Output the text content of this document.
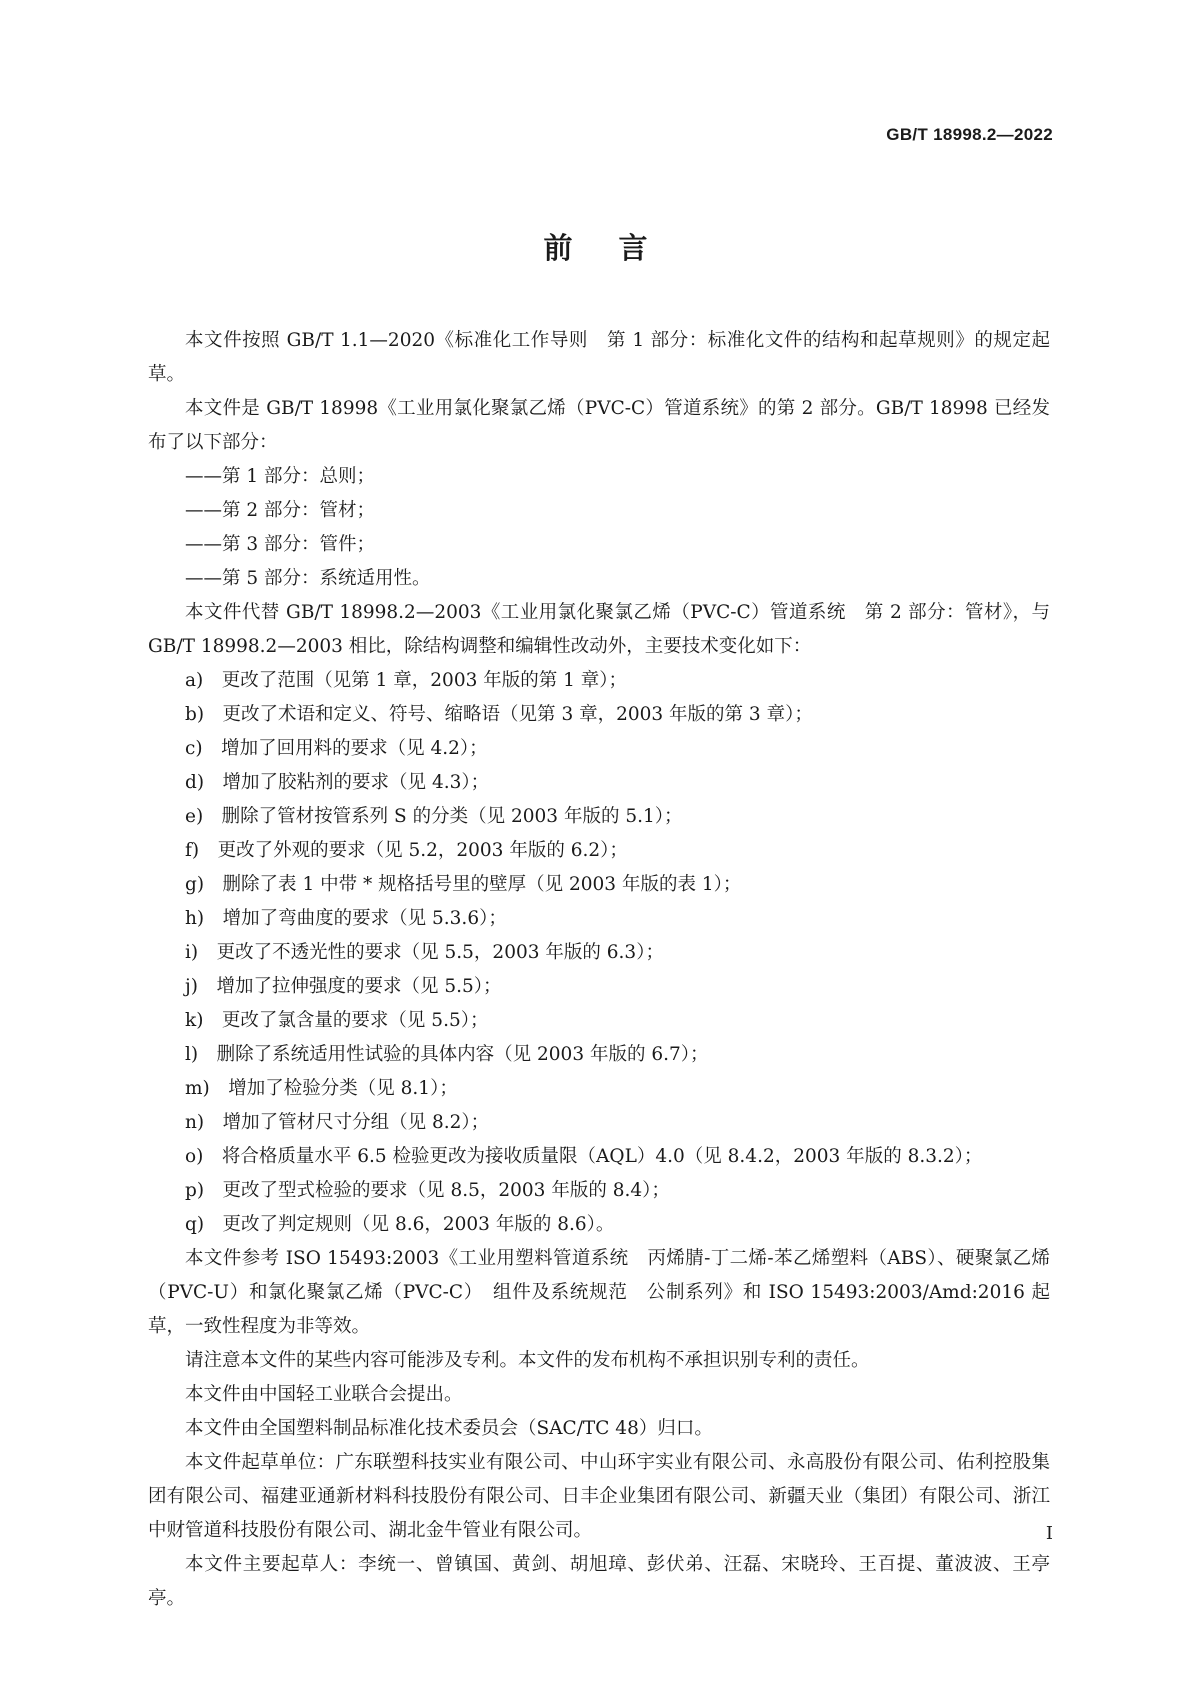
GB/T 18998.2—2022
前言

本文件按照 GB/T 1.1—2020《标准化工作导则　第 1 部分：标准化文件的结构和起草规则》的规定起草。

本文件是 GB/T 18998《工业用氯化聚氯乙烯（PVC-C）管道系统》的第 2 部分。GB/T 18998 已经发布了以下部分：

——第 1 部分：总则；

——第 2 部分：管材；

——第 3 部分：管件；

——第 5 部分：系统适用性。

本文件代替 GB/T 18998.2—2003《工业用氯化聚氯乙烯（PVC-C）管道系统　第 2 部分：管材》，与 GB/T 18998.2—2003 相比，除结构调整和编辑性改动外，主要技术变化如下：

a)　更改了范围（见第 1 章，2003 年版的第 1 章）；

b)　更改了术语和定义、符号、缩略语（见第 3 章，2003 年版的第 3 章）；

c)　增加了回用料的要求（见 4.2）；

d)　增加了胶粘剂的要求（见 4.3）；

e)　删除了管材按管系列 S 的分类（见 2003 年版的 5.1）；

f)　更改了外观的要求（见 5.2，2003 年版的 6.2）；

g)　删除了表 1 中带 * 规格括号里的壁厚（见 2003 年版的表 1）；

h)　增加了弯曲度的要求（见 5.3.6）；

i)　更改了不透光性的要求（见 5.5，2003 年版的 6.3）；

j)　增加了拉伸强度的要求（见 5.5）；

k)　更改了氯含量的要求（见 5.5）；

l)　删除了系统适用性试验的具体内容（见 2003 年版的 6.7）；

m)　增加了检验分类（见 8.1）；

n)　增加了管材尺寸分组（见 8.2）；

o)　将合格质量水平 6.5 检验更改为接收质量限（AQL）4.0（见 8.4.2，2003 年版的 8.3.2）；

p)　更改了型式检验的要求（见 8.5，2003 年版的 8.4）；

q)　更改了判定规则（见 8.6，2003 年版的 8.6）。

本文件参考 ISO 15493:2003《工业用塑料管道系统　丙烯腈-丁二烯-苯乙烯塑料（ABS）、硬聚氯乙烯（PVC-U）和氯化聚氯乙烯（PVC-C）　组件及系统规范　公制系列》和 ISO 15493:2003/Amd:2016 起草，一致性程度为非等效。

请注意本文件的某些内容可能涉及专利。本文件的发布机构不承担识别专利的责任。

本文件由中国轻工业联合会提出。

本文件由全国塑料制品标准化技术委员会（SAC/TC 48）归口。

本文件起草单位：广东联塑科技实业有限公司、中山环宇实业有限公司、永高股份有限公司、佑利控股集团有限公司、福建亚通新材料科技股份有限公司、日丰企业集团有限公司、新疆天业（集团）有限公司、浙江中财管道科技股份有限公司、湖北金牛管业有限公司。

本文件主要起草人：李统一、曾镇国、黄剑、胡旭璋、彭伏弟、汪磊、宋晓玲、王百提、董波波、王亭亭。

I
